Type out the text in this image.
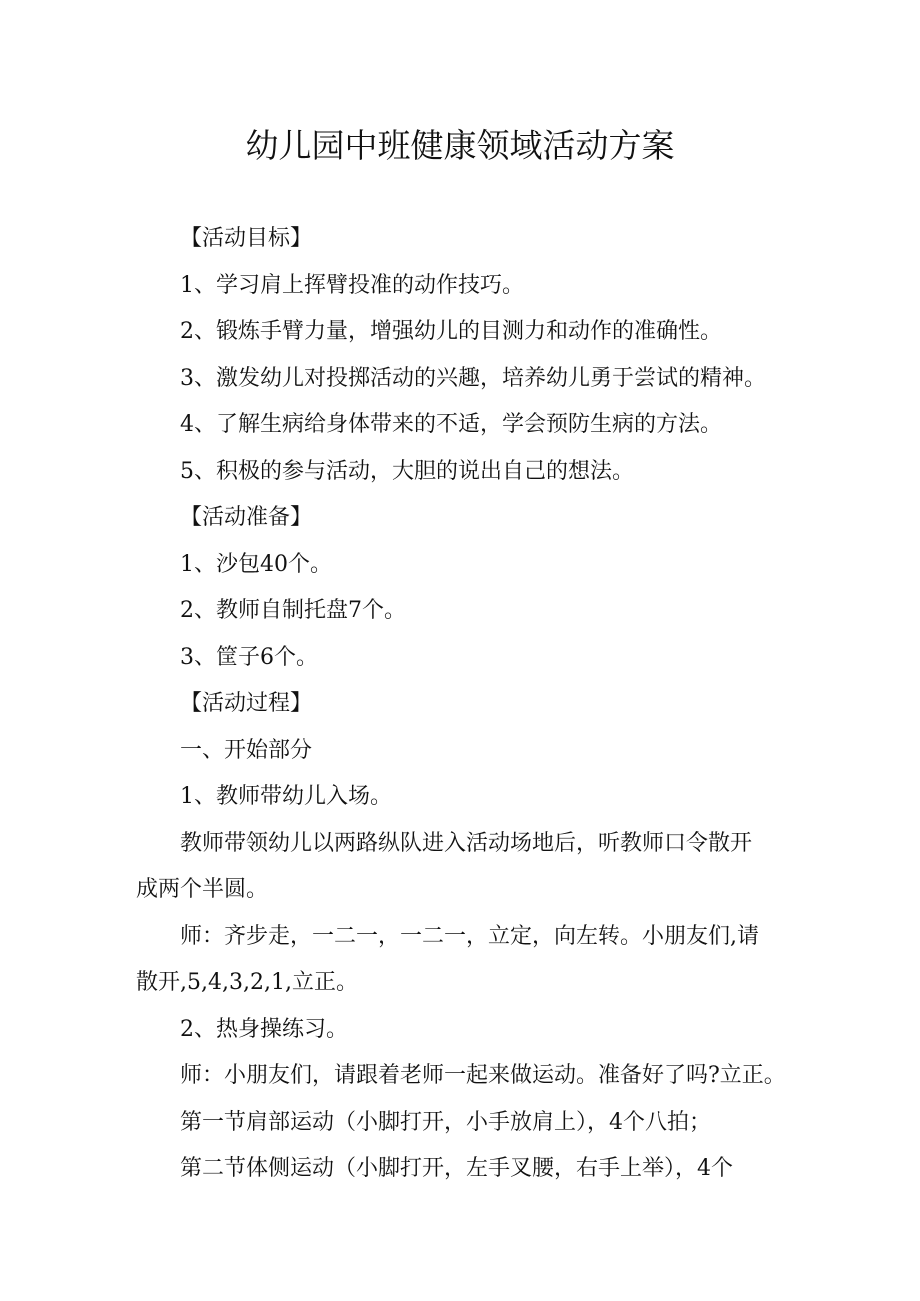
幼儿园中班健康领域活动方案

【活动目标】

1、学习肩上挥臂投准的动作技巧。

2、锻炼手臂力量，增强幼儿的目测力和动作的准确性。

3、激发幼儿对投掷活动的兴趣，培养幼儿勇于尝试的精神。

4、了解生病给身体带来的不适，学会预防生病的方法。

5、积极的参与活动，大胆的说出自己的想法。

【活动准备】

1、沙包40个。

2、教师自制托盘7个。

3、筐子6个。

【活动过程】

一、开始部分

1、教师带幼儿入场。

教师带领幼儿以两路纵队进入活动场地后，听教师口令散开

成两个半圆。

师：齐步走，一二一，一二一，立定，向左转。小朋友们,请

散开,5,4,3,2,1,立正。

2、热身操练习。

师：小朋友们，请跟着老师一起来做运动。准备好了吗?立正。

第一节肩部运动（小脚打开，小手放肩上），4个八拍；

第二节体侧运动（小脚打开，左手叉腰，右手上举），4个
